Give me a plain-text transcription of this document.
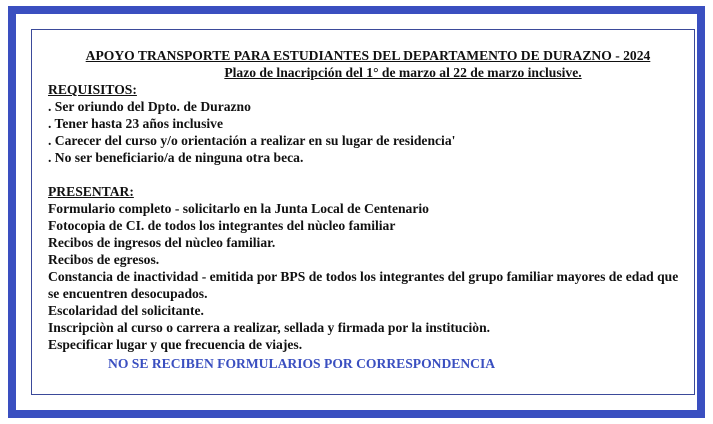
APOYO TRANSPORTE PARA ESTUDIANTES DEL DEPARTAMENTO DE DURAZNO - 2024
Plazo de lnacripción del 1° de marzo al 22 de marzo inclusive.
REQUISITOS:
. Ser oriundo del Dpto. de Durazno
. Tener hasta 23 años inclusive
. Carecer del curso y/o orientación a realizar en su lugar de residencia'
. No ser beneficiario/a de ninguna otra beca.
PRESENTAR:
Formulario completo - solicitarlo en la Junta Local de Centenario
Fotocopia de CI. de todos los integrantes del nùcleo familiar
Recibos de ingresos del nùcleo familiar.
Recibos de egresos.
Constancia de inactividad - emitida por BPS de todos los integrantes del grupo familiar mayores de edad que se encuentren desocupados.
Escolaridad del solicitante.
Inscripciòn al curso o carrera a realizar, sellada y firmada por la instituciòn.
Especificar lugar y que frecuencia de viajes.
NO SE RECIBEN FORMULARIOS POR CORRESPONDENCIA
